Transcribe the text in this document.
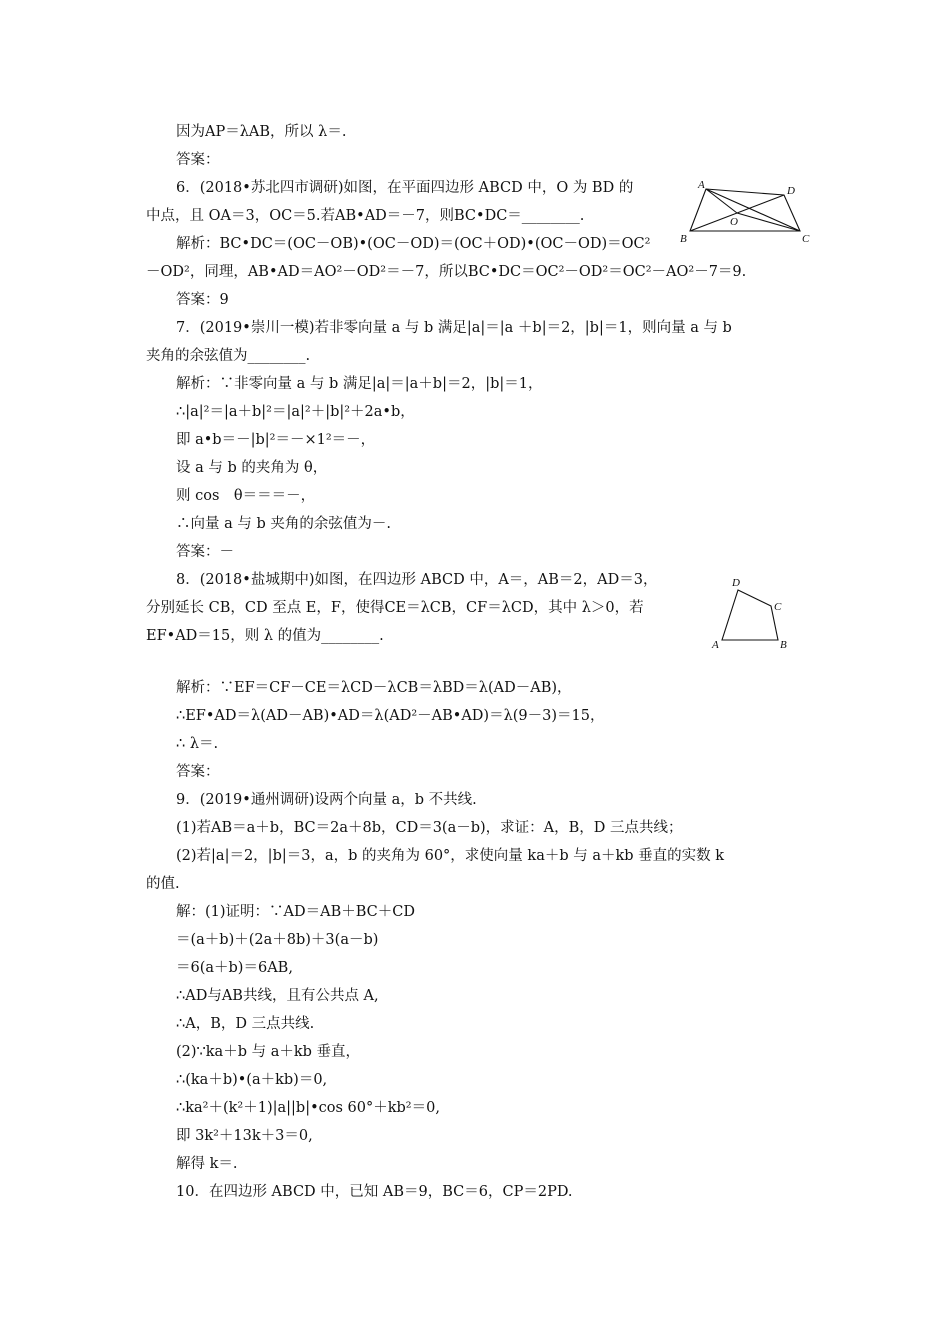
因为AP＝λAB，所以 λ＝.
答案：
6．(2018•苏北四市调研)如图，在平面四边形 ABCD 中，O 为 BD 的
中点，且 OA＝3，OC＝5.若AB•AD＝－7，则BC•DC＝________.
解析：BC•DC＝(OC－OB)•(OC－OD)＝(OC＋OD)•(OC－OD)＝OC²
－OD²，同理，AB•AD＝AO²－OD²＝－7，所以BC•DC＝OC²－OD²＝OC²－AO²－7＝9.
答案：9
7．(2019•崇川一模)若非零向量 a 与 b 满足|a|＝|a ＋b|＝2，|b|＝1，则向量 a 与 b
夹角的余弦值为________.
解析：∵非零向量 a 与 b 满足|a|＝|a＋b|＝2，|b|＝1，
∴|a|²＝|a＋b|²＝|a|²＋|b|²＋2a•b，
即 a•b＝－|b|²＝－×1²＝－，
设 a 与 b 的夹角为 θ，
则 cos　θ＝＝＝－，
∴向量 a 与 b 夹角的余弦值为－.
答案：－
8．(2018•盐城期中)如图，在四边形 ABCD 中，A＝，AB＝2，AD＝3，
分别延长 CB，CD 至点 E，F，使得CE＝λCB，CF＝λCD，其中 λ＞0，若
EF•AD＝15，则 λ 的值为________.
解析：∵EF＝CF－CE＝λCD－λCB＝λBD＝λ(AD－AB)，
∴EF•AD＝λ(AD－AB)•AD＝λ(AD²－AB•AD)＝λ(9－3)＝15，
∴ λ＝.
答案：
9．(2019•通州调研)设两个向量 a，b 不共线.
(1)若AB＝a＋b，BC＝2a＋8b，CD＝3(a－b)，求证：A，B，D 三点共线；
(2)若|a|＝2，|b|＝3，a，b 的夹角为 60°，求使向量 ka＋b 与 a＋kb 垂直的实数 k
的值.
解：(1)证明：∵AD＝AB＋BC＋CD
＝(a＋b)＋(2a＋8b)＋3(a－b)
＝6(a＋b)＝6AB,
∴AD与AB共线，且有公共点 A,
∴A，B，D 三点共线.
(2)∵ka＋b 与 a＋kb 垂直，
∴(ka＋b)•(a＋kb)＝0,
∴ka²＋(k²＋1)|a||b|•cos 60°＋kb²＝0,
即 3k²＋13k＋3＝0,
解得 k＝.
10．在四边形 ABCD 中，已知 AB＝9，BC＝6，CP＝2PD.
A	D
O
B	C
D
C
A	B
